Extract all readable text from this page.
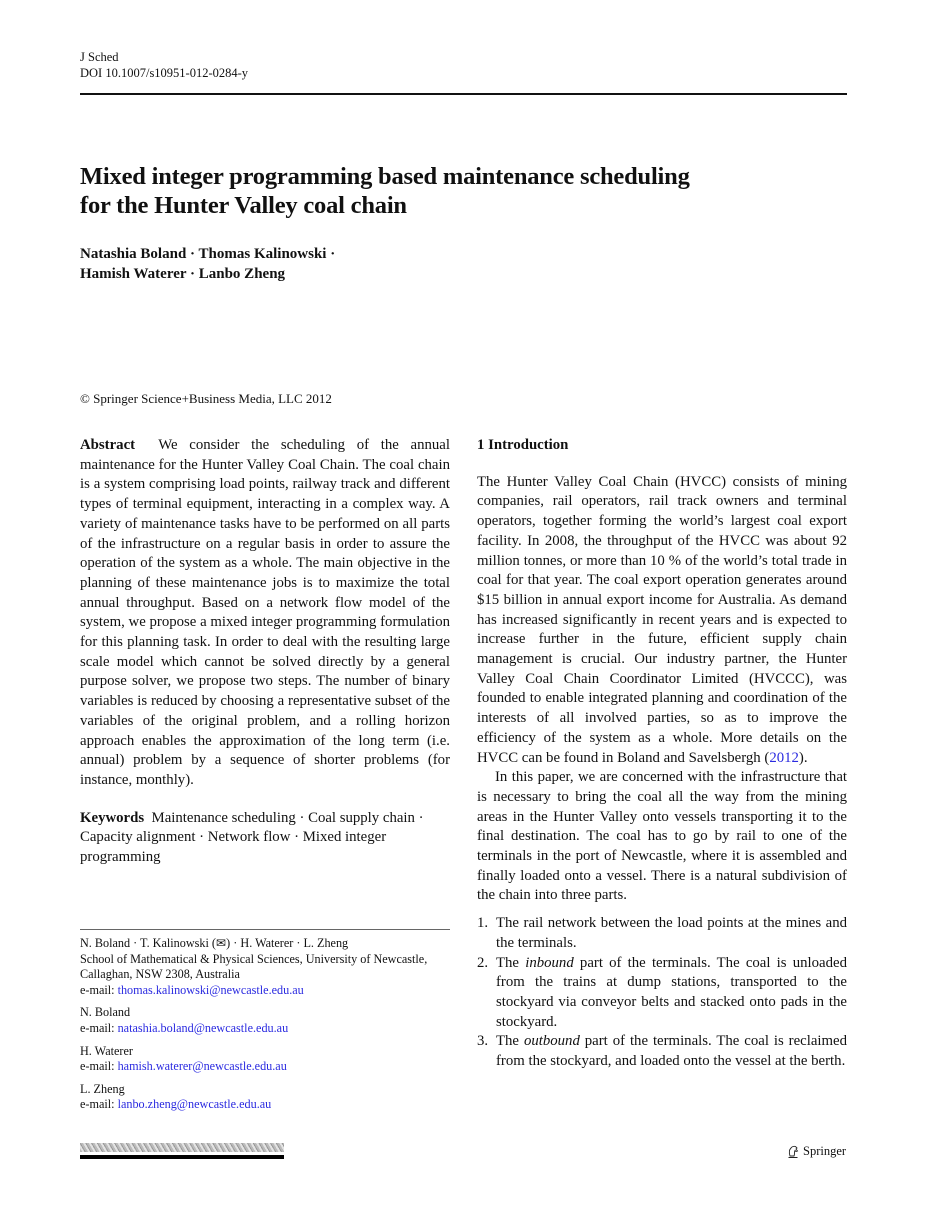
J Sched
DOI 10.1007/s10951-012-0284-y
Mixed integer programming based maintenance scheduling
for the Hunter Valley coal chain
Natashia Boland · Thomas Kalinowski ·
Hamish Waterer · Lanbo Zheng
© Springer Science+Business Media, LLC 2012

Abstract We consider the scheduling of the annual maintenance for the Hunter Valley Coal Chain. The coal chain is a system comprising load points, railway track and different types of terminal equipment, interacting in a complex way. A variety of maintenance tasks have to be performed on all parts of the infrastructure on a regular basis in order to assure the operation of the system as a whole. The main objective in the planning of these maintenance jobs is to maximize the total annual throughput. Based on a network flow model of the system, we propose a mixed integer programming formulation for this planning task. In order to deal with the resulting large scale model which cannot be solved directly by a general purpose solver, we propose two steps. The number of binary variables is reduced by choosing a representative subset of the variables of the original problem, and a rolling horizon approach enables the approximation of the long term (i.e. annual) problem by a sequence of shorter problems (for instance, monthly).

Keywords Maintenance scheduling · Coal supply chain · Capacity alignment · Network flow · Mixed integer programming

N. Boland · T. Kalinowski (✉) · H. Waterer · L. Zheng
School of Mathematical & Physical Sciences, University of Newcastle, Callaghan, NSW 2308, Australia
e-mail: thomas.kalinowski@newcastle.edu.au
N. Boland
e-mail: natashia.boland@newcastle.edu.au
H. Waterer
e-mail: hamish.waterer@newcastle.edu.au
L. Zheng
e-mail: lanbo.zheng@newcastle.edu.au
1 Introduction

The Hunter Valley Coal Chain (HVCC) consists of mining companies, rail operators, rail track owners and terminal operators, together forming the world’s largest coal export facility. In 2008, the throughput of the HVCC was about 92 million tonnes, or more than 10 % of the world’s total trade in coal for that year. The coal export operation generates around $15 billion in annual export income for Australia. As demand has increased significantly in recent years and is expected to increase further in the future, efficient supply chain management is crucial. Our industry partner, the Hunter Valley Coal Chain Coordinator Limited (HVCCC), was founded to enable integrated planning and coordination of the interests of all involved parties, so as to improve the efficiency of the system as a whole. More details on the HVCC can be found in Boland and Savelsbergh (2012).

In this paper, we are concerned with the infrastructure that is necessary to bring the coal all the way from the mining areas in the Hunter Valley onto vessels transporting it to the final destination. The coal has to go by rail to one of the terminals in the port of Newcastle, where it is assembled and finally loaded onto a vessel. There is a natural subdivision of the chain into three parts.

1. The rail network between the load points at the mines and the terminals.
2. The inbound part of the terminals. The coal is unloaded from the trains at dump stations, transported to the stockyard via conveyor belts and stacked onto pads in the stockyard.
3. The outbound part of the terminals. The coal is reclaimed from the stockyard, and loaded onto the vessel at the berth.
Springer
